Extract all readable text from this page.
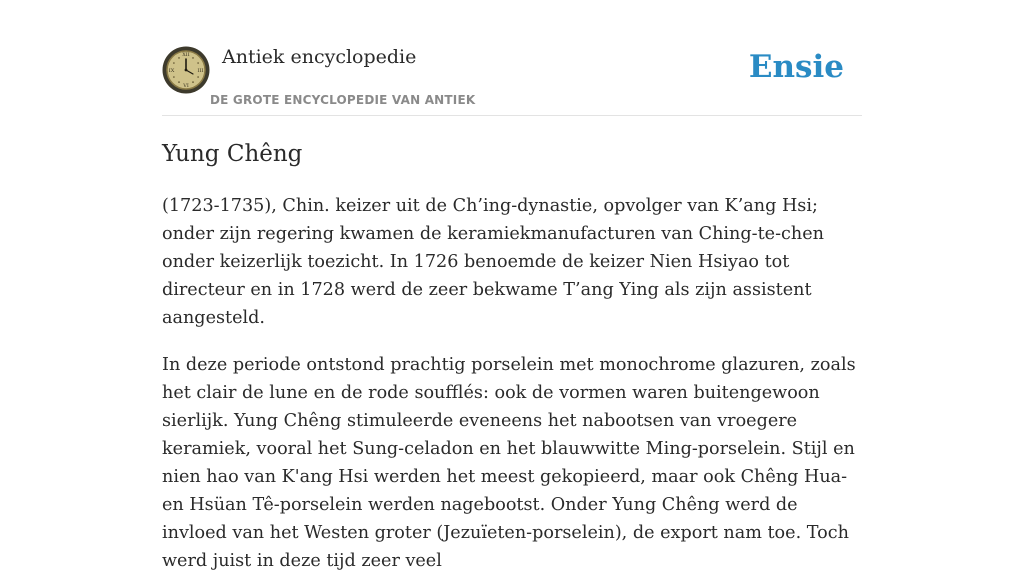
XII
III
VI
IX
Antiek encyclopedie
DE GROTE ENCYCLOPEDIE VAN ANTIEK
Ensie
Yung Chêng

(1723-1735), Chin. keizer uit de Ch’ing-dynastie, opvolger van K’ang Hsi; onder zijn regering kwamen de keramiekmanufacturen van Ching-te-chen onder keizerlijk toezicht. In 1726 benoemde de keizer Nien Hsiyao tot directeur en in 1728 werd de zeer bekwame T’ang Ying als zijn assistent aangesteld.

In deze periode ontstond prachtig porselein met monochrome glazuren, zoals het clair de lune en de rode soufflés: ook de vormen waren buitengewoon sierlijk. Yung Chêng stimuleerde eveneens het nabootsen van vroegere keramiek, vooral het Sung-celadon en het blauwwitte Ming-porselein. Stijl en nien hao van K'ang Hsi werden het meest gekopieerd, maar ook Chêng Hua- en Hsüan Tê-porselein werden nagebootst. Onder Yung Chêng werd de invloed van het Westen groter (Jezuïeten-porselein), de export nam toe. Toch werd juist in deze tijd zeer veel
